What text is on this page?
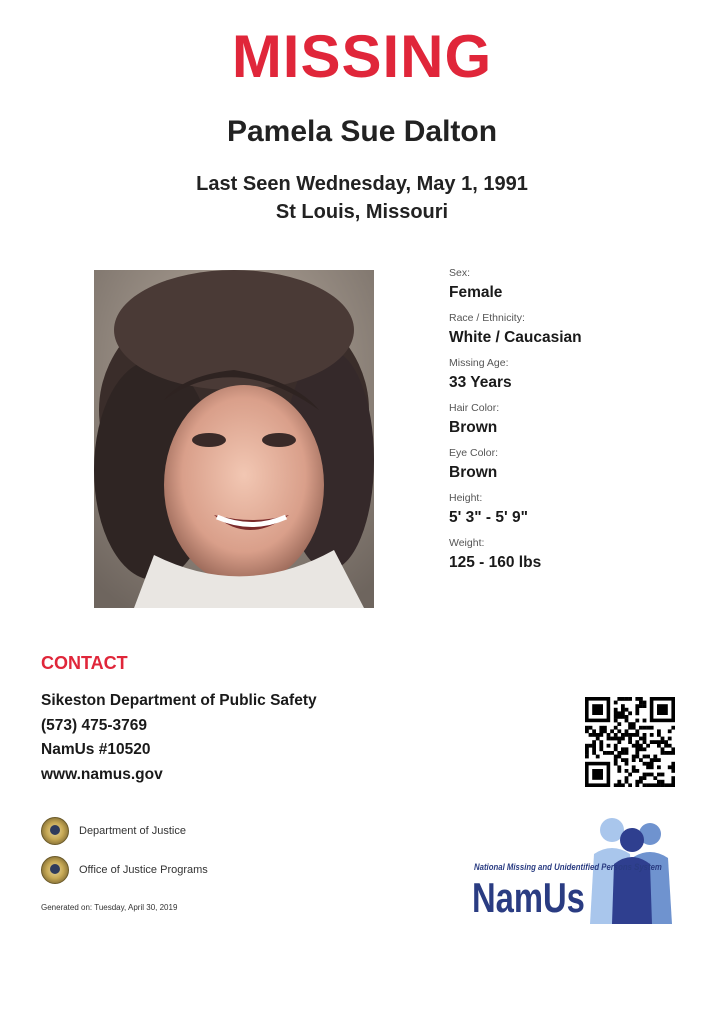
MISSING
Pamela Sue Dalton
Last Seen Wednesday, May 1, 1991
St Louis, Missouri
Sex:
Female
Race / Ethnicity:
White / Caucasian
Missing Age:
33 Years
Hair Color:
Brown
Eye Color:
Brown
Height:
5' 3" - 5' 9"
Weight:
125 - 160 lbs
CONTACT
Sikeston Department of Public Safety
(573) 475-3769
NamUs #10520
www.namus.gov
Department of Justice
Office of Justice Programs
Generated on: Tuesday, April 30, 2019
National Missing and Unidentified Persons System
NamUs
